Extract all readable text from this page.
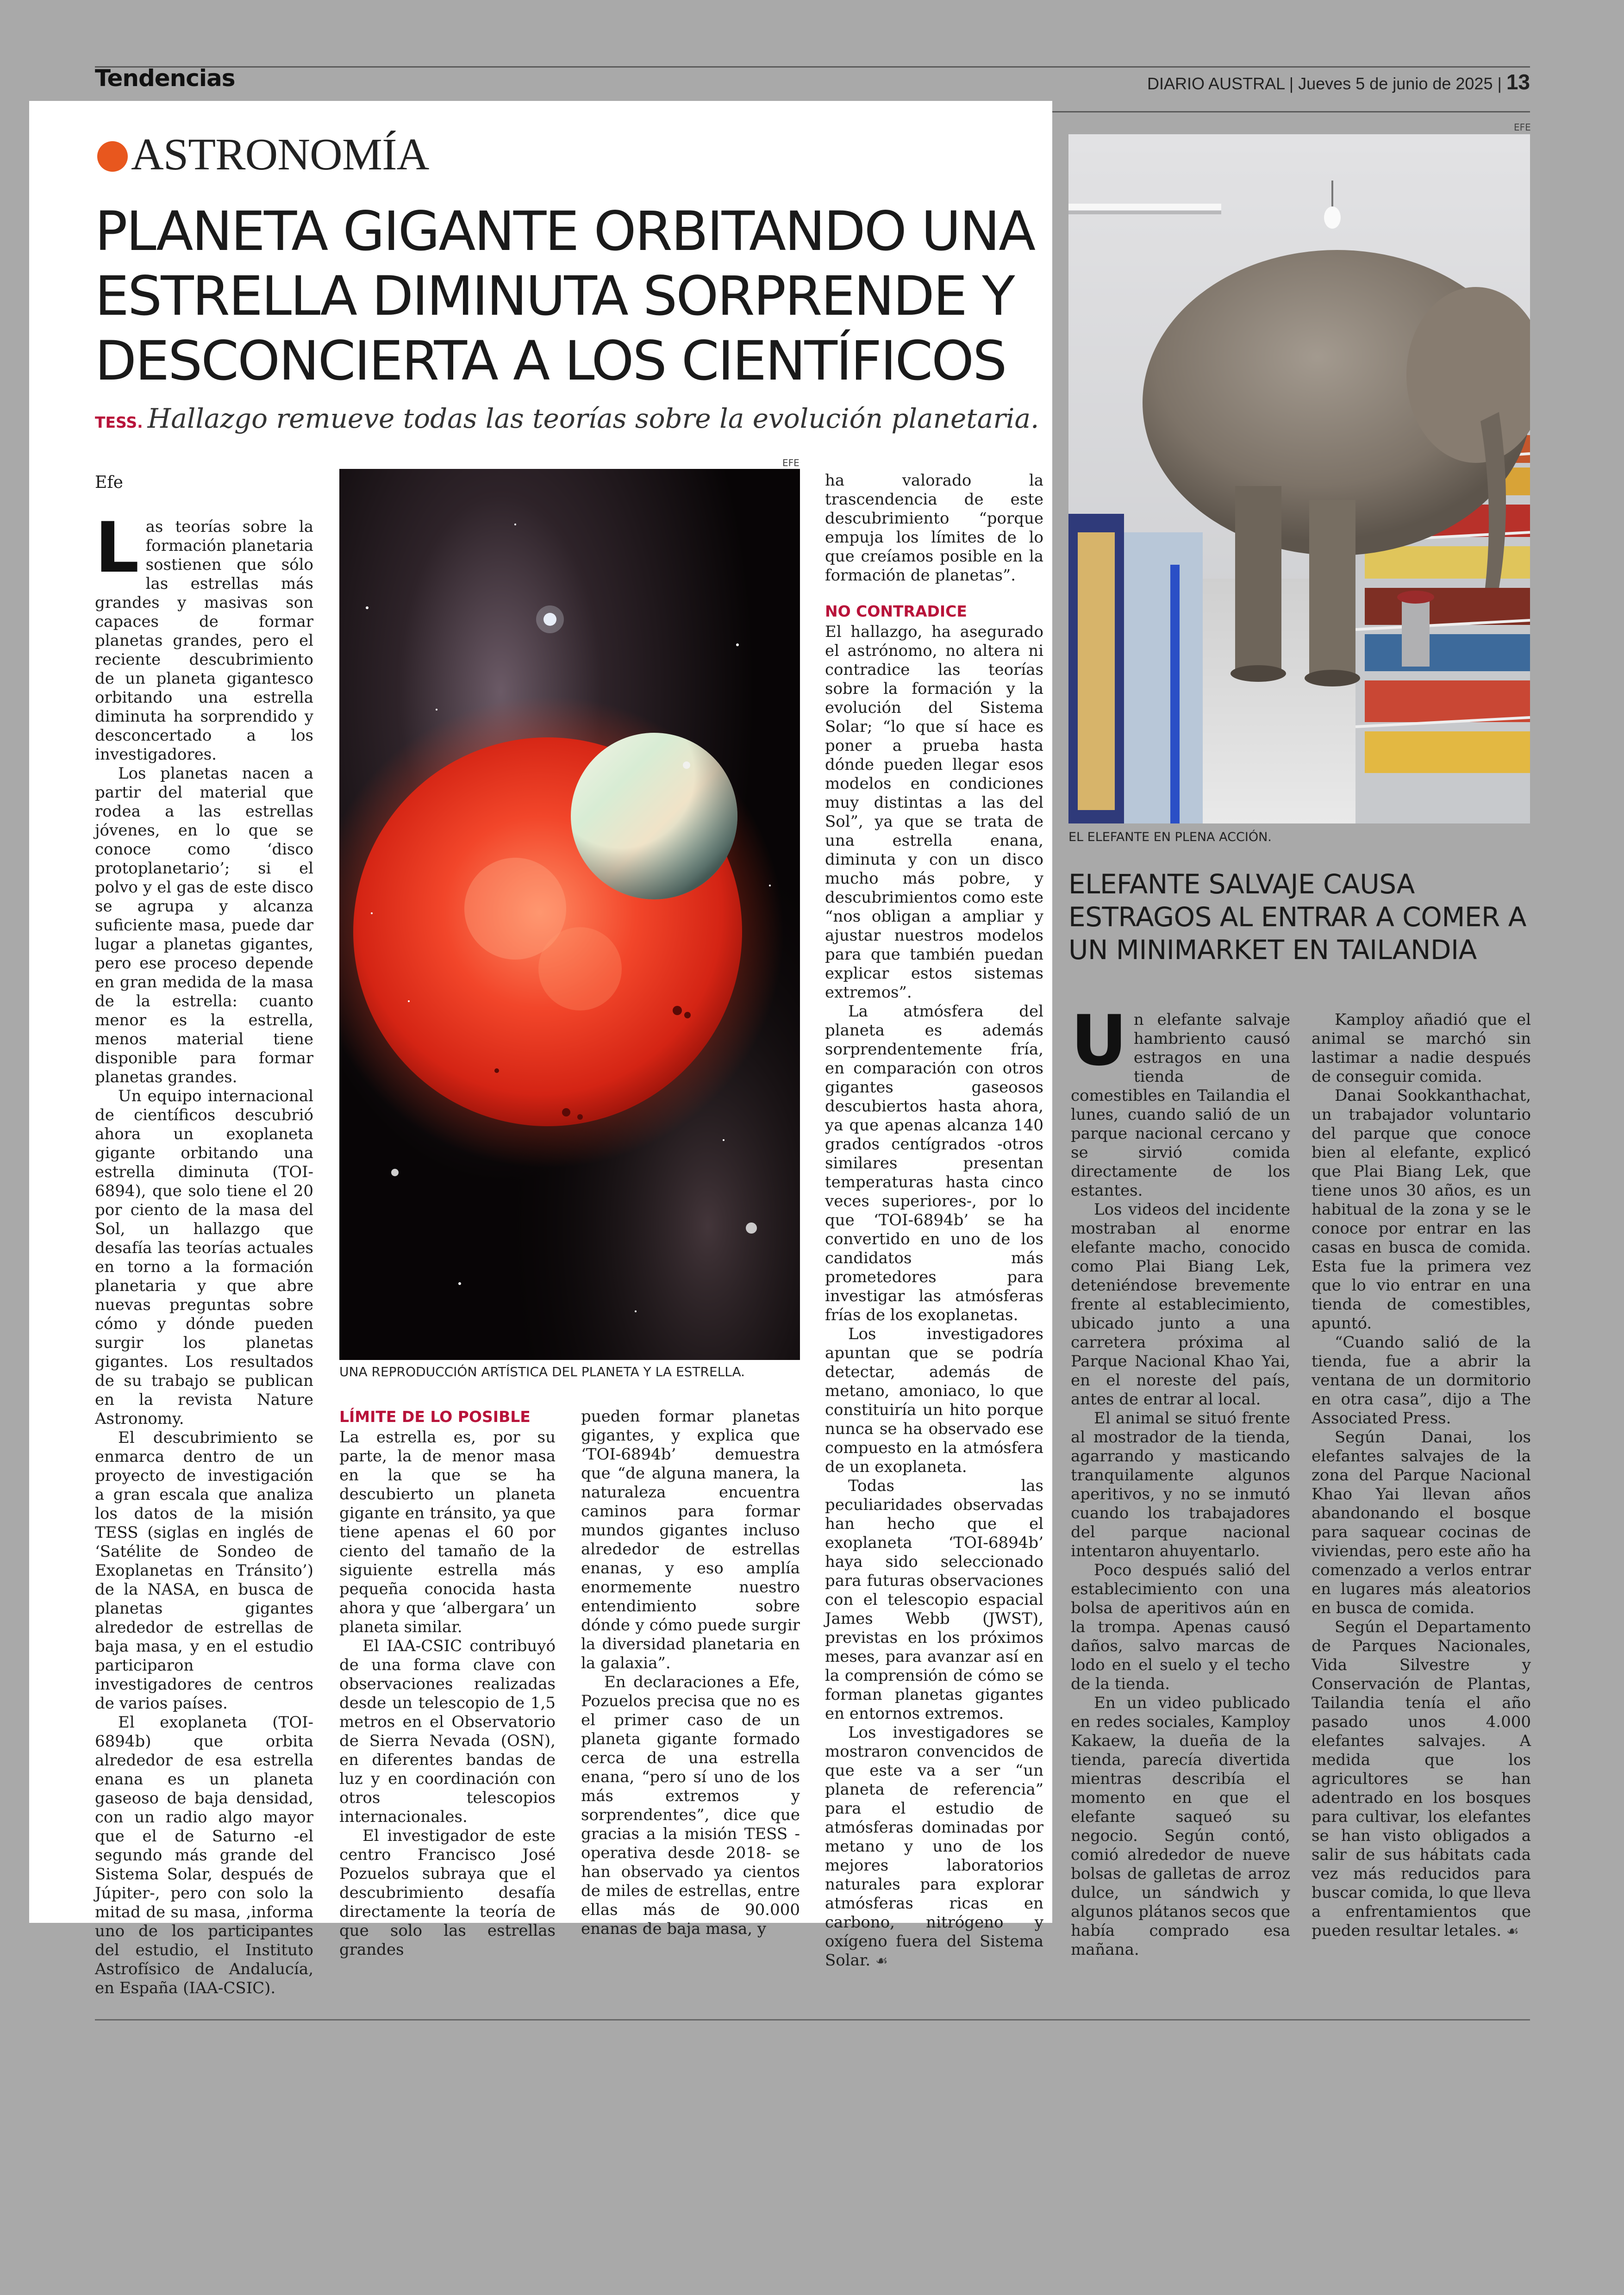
Tendencias	DIARIO AUSTRAL | Jueves 5 de junio de 2025 | 13
ASTRONOMÍA
PLANETA GIGANTE ORBITANDO UNA ESTRELLA DIMINUTA SORPRENDE Y DESCONCIERTA A LOS CIENTÍFICOS
TESS. Hallazgo remueve todas las teorías sobre la evolución planetaria.
Efe

Las teorías sobre la formación planetaria sostienen que sólo las estrellas más grandes y masivas son capaces de formar planetas grandes, pero el reciente descubrimiento de un planeta gigantesco orbitando una estrella diminuta ha sorprendido y desconcertado a los investigadores.

Los planetas nacen a partir del material que rodea a las estrellas jóvenes, en lo que se conoce como ‘disco protoplanetario’; si el polvo y el gas de este disco se agrupa y alcanza suficiente masa, puede dar lugar a planetas gigantes, pero ese proceso depende en gran medida de la masa de la estrella: cuanto menor es la estrella, menos material tiene disponible para formar planetas grandes.

Un equipo internacional de científicos descubrió ahora un exoplaneta gigante orbitando una estrella diminuta (TOI-6894), que solo tiene el 20 por ciento de la masa del Sol, un hallazgo que desafía las teorías actuales en torno a la formación planetaria y que abre nuevas preguntas sobre cómo y dónde pueden surgir los planetas gigantes. Los resultados de su trabajo se publican en la revista Nature Astronomy.

El descubrimiento se enmarca dentro de un proyecto de investigación a gran escala que analiza los datos de la misión TESS (siglas en inglés de ‘Satélite de Sondeo de Exoplanetas en Tránsito’) de la NASA, en busca de planetas gigantes alrededor de estrellas de baja masa, y en el estudio participaron investigadores de centros de varios países.

El exoplaneta (TOI-6894b) que orbita alrededor de esa estrella enana es un planeta gaseoso de baja densidad, con un radio algo mayor que el de Saturno -el segundo más grande del Sistema Solar, después de Júpiter-, pero con solo la mitad de su masa, ,informa uno de los participantes del estudio, el Instituto Astrofísico de Andalucía, en España (IAA-CSIC).

EFE
UNA REPRODUCCIÓN ARTÍSTICA DEL PLANETA Y LA ESTRELLA.
LÍMITE DE LO POSIBLE

La estrella es, por su parte, la de menor masa en la que se ha descubierto un planeta gigante en tránsito, ya que tiene apenas el 60 por ciento del tamaño de la siguiente estrella más pequeña conocida hasta ahora y que ‘albergara’ un planeta similar.

El IAA-CSIC contribuyó de una forma clave con observaciones realizadas desde un telescopio de 1,5 metros en el Observatorio de Sierra Nevada (OSN), en diferentes bandas de luz y en coordinación con otros telescopios internacionales.

El investigador de este centro Francisco José Pozuelos subraya que el descubrimiento desafía directamente la teoría de que solo las estrellas grandes

pueden formar planetas gigantes, y explica que ‘TOI-6894b’ demuestra que “de alguna manera, la naturaleza encuentra caminos para formar mundos gigantes incluso alrededor de estrellas enanas, y eso amplía enormemente nuestro entendimiento sobre dónde y cómo puede surgir la diversidad planetaria en la galaxia”.

En declaraciones a Efe, Pozuelos precisa que no es el primer caso de un planeta gigante formado cerca de una estrella enana, “pero sí uno de los más extremos y sorprendentes”, dice que gracias a la misión TESS -operativa desde 2018- se han observado ya cientos de miles de estrellas, entre ellas más de 90.000 enanas de baja masa, y

ha valorado la trascendencia de este descubrimiento “porque empuja los límites de lo que creíamos posible en la formación de planetas”.

NO CONTRADICE

El hallazgo, ha asegurado el astrónomo, no altera ni contradice las teorías sobre la formación y la evolución del Sistema Solar; “lo que sí hace es poner a prueba hasta dónde pueden llegar esos modelos en condiciones muy distintas a las del Sol”, ya que se trata de una estrella enana, diminuta y con un disco mucho más pobre, y descubrimientos como este “nos obligan a ampliar y ajustar nuestros modelos para que también puedan explicar estos sistemas extremos”.

La atmósfera del planeta es además sorprendentemente fría, en comparación con otros gigantes gaseosos descubiertos hasta ahora, ya que apenas alcanza 140 grados centígrados -otros similares presentan temperaturas hasta cinco veces superiores-, por lo que ‘TOI-6894b’ se ha convertido en uno de los candidatos más prometedores para investigar las atmósferas frías de los exoplanetas.

Los investigadores apuntan que se podría detectar, además de metano, amoniaco, lo que constituiría un hito porque nunca se ha observado ese compuesto en la atmósfera de un exoplaneta.

Todas las peculiaridades observadas han hecho que el exoplaneta ‘TOI-6894b’ haya sido seleccionado para futuras observaciones con el telescopio espacial James Webb (JWST), previstas en los próximos meses, para avanzar así en la comprensión de cómo se forman planetas gigantes en entornos extremos.

Los investigadores se mostraron convencidos de que este va a ser “un planeta de referencia” para el estudio de atmósferas dominadas por metano y uno de los mejores laboratorios naturales para explorar atmósferas ricas en carbono, nitrógeno y oxígeno fuera del Sistema Solar. ☙

EFE
EL ELEFANTE EN PLENA ACCIÓN.
ELEFANTE SALVAJE CAUSA ESTRAGOS AL ENTRAR A COMER A UN MINIMARKET EN TAILANDIA

Un elefante salvaje hambriento causó estragos en una tienda de comestibles en Tailandia el lunes, cuando salió de un parque nacional cercano y se sirvió comida directamente de los estantes.

Los videos del incidente mostraban al enorme elefante macho, conocido como Plai Biang Lek, deteniéndose brevemente frente al establecimiento, ubicado junto a una carretera próxima al Parque Nacional Khao Yai, en el noreste del país, antes de entrar al local.

El animal se situó frente al mostrador de la tienda, agarrando y masticando tranquilamente algunos aperitivos, y no se inmutó cuando los trabajadores del parque nacional intentaron ahuyentarlo.

Poco después salió del establecimiento con una bolsa de aperitivos aún en la trompa. Apenas causó daños, salvo marcas de lodo en el suelo y el techo de la tienda.

En un video publicado en redes sociales, Kamploy Kakaew, la dueña de la tienda, parecía divertida mientras describía el momento en que el elefante saqueó su negocio. Según contó, comió alrededor de nueve bolsas de galletas de arroz dulce, un sándwich y algunos plátanos secos que había comprado esa mañana.

Kamploy añadió que el animal se marchó sin lastimar a nadie después de conseguir comida.

Danai Sookkanthachat, un trabajador voluntario del parque que conoce bien al elefante, explicó que Plai Biang Lek, que tiene unos 30 años, es un habitual de la zona y se le conoce por entrar en las casas en busca de comida. Esta fue la primera vez que lo vio entrar en una tienda de comestibles, apuntó.

“Cuando salió de la tienda, fue a abrir la ventana de un dormitorio en otra casa”, dijo a The Associated Press.

Según Danai, los elefantes salvajes de la zona del Parque Nacional Khao Yai llevan años abandonando el bosque para saquear cocinas de viviendas, pero este año ha comenzado a verlos entrar en lugares más aleatorios en busca de comida.

Según el Departamento de Parques Nacionales, Vida Silvestre y Conservación de Plantas, Tailandia tenía el año pasado unos 4.000 elefantes salvajes. A medida que los agricultores se han adentrado en los bosques para cultivar, los elefantes se han visto obligados a salir de sus hábitats cada vez más reducidos para buscar comida, lo que lleva a enfrentamientos que pueden resultar letales. ☙
